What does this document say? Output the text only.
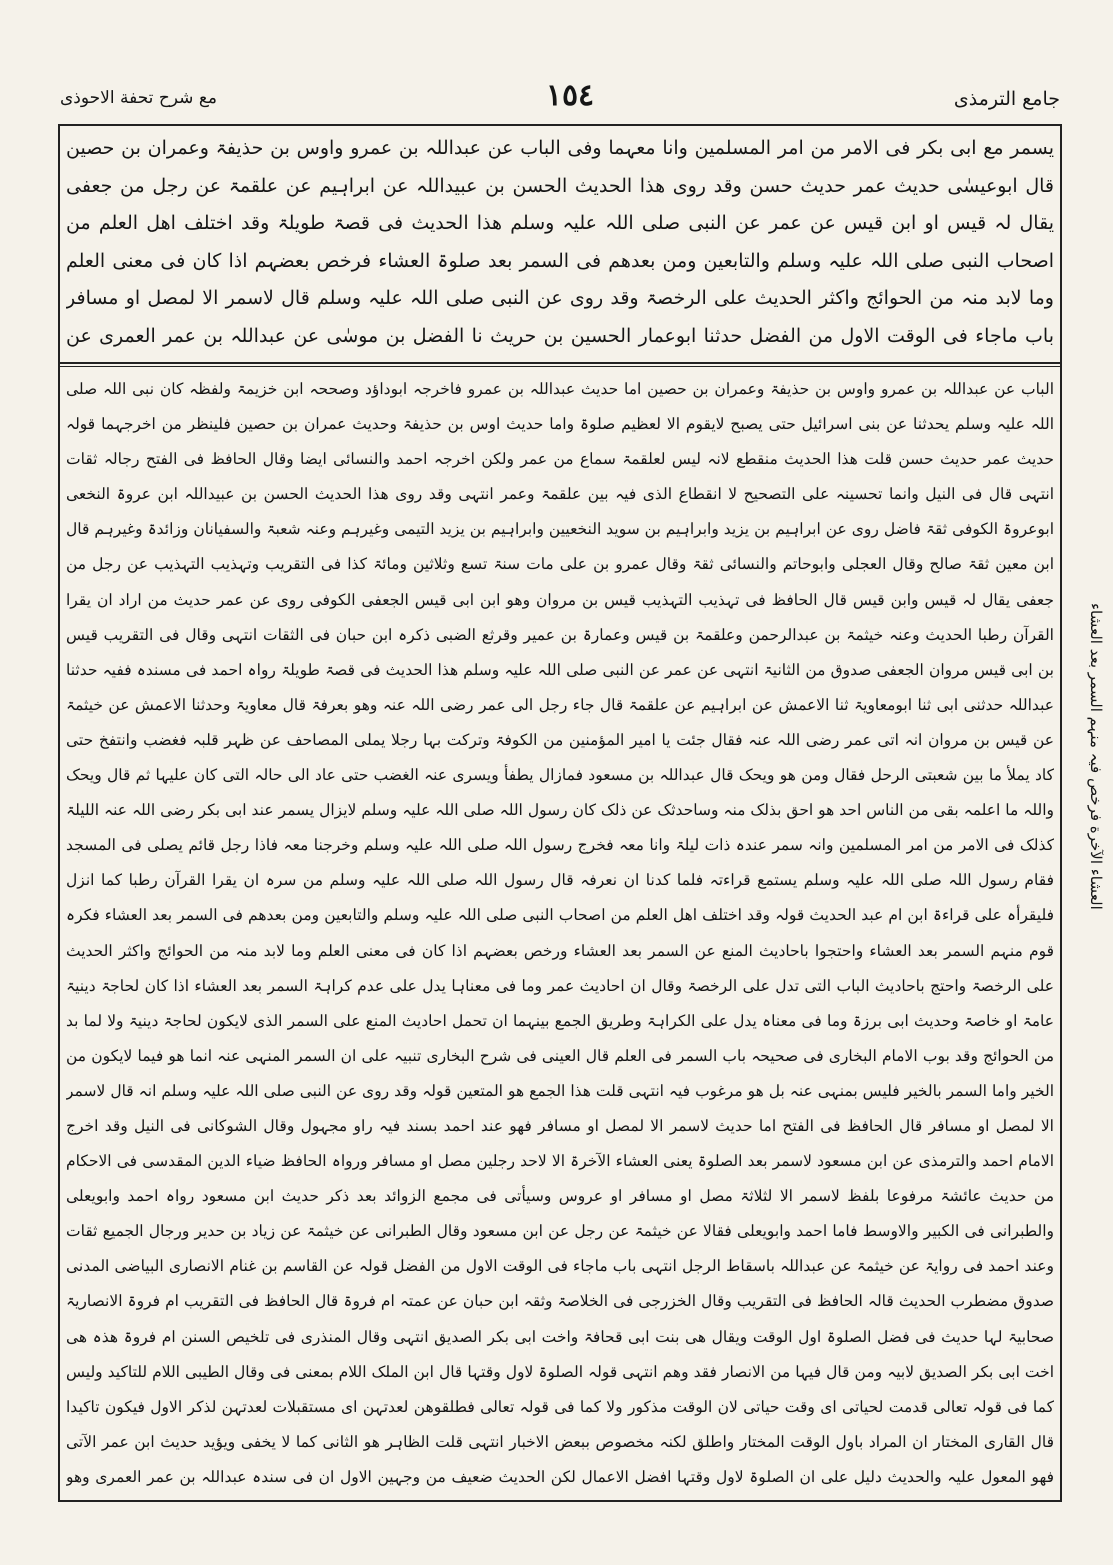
جامع الترمذی
١٥٤
مع شرح تحفة الاحوذی
یسمر مع ابی بکر فی الامر من امر المسلمین وانا معہما وفی الباب عن عبداللہ بن عمرو واوس بن حذیفۃ وعمران بن حصین قال ابوعیسٰی حدیث عمر حدیث حسن وقد روی ھذا الحدیث الحسن بن عبیداللہ عن ابراہیم عن علقمۃ عن رجل من جعفی یقال لہ قیس او ابن قیس عن عمر عن النبی صلی اللہ علیہ وسلم ھذا الحدیث فی قصۃ طویلۃ وقد اختلف اھل العلم من اصحاب النبی صلی اللہ علیہ وسلم والتابعین ومن بعدھم فی السمر بعد صلوۃ العشاء فرخص بعضہم اذا کان فی معنی العلم وما لابد منہ من الحوائج واکثر الحدیث علی الرخصۃ وقد روی عن النبی صلی اللہ علیہ وسلم قال لاسمر الا لمصل او مسافر باب ماجاء فی الوقت الاول من الفضل حدثنا ابوعمار الحسین بن حریث نا الفضل بن موسٰی عن عبداللہ بن عمر العمری عن
الباب عن عبداللہ بن عمرو واوس بن حذیفۃ وعمران بن حصین اما حدیث عبداللہ بن عمرو فاخرجہ ابوداؤد وصححہ ابن خزیمۃ ولفظہ کان نبی اللہ صلی اللہ علیہ وسلم یحدثنا عن بنی اسرائیل حتی یصبح لایقوم الا لعظیم صلوۃ واما حدیث اوس بن حذیفۃ وحدیث عمران بن حصین فلینظر من اخرجہما قولہ حدیث عمر حدیث حسن قلت ھذا الحدیث منقطع لانہ لیس لعلقمۃ سماع من عمر ولکن اخرجہ احمد والنسائی ایضا وقال الحافظ فی الفتح رجالہ ثقات انتہی قال فی النیل وانما تحسینہ علی التصحیح لا انقطاع الذی فیہ بین علقمۃ وعمر انتہی وقد روی ھذا الحدیث الحسن بن عبیداللہ ابن عروۃ النخعی ابوعروۃ الکوفی ثقۃ فاضل روی عن ابراہیم بن یزید وابراہیم بن سوید النخعیین وابراہیم بن یزید التیمی وغیرہم وعنہ شعبۃ والسفیانان وزائدۃ وغیرہم قال ابن معین ثقۃ صالح وقال العجلی وابوحاتم والنسائی ثقۃ وقال عمرو بن علی مات سنۃ تسع وثلاثین ومائۃ کذا فی التقریب وتہذیب التہذیب عن رجل من جعفی یقال لہ قیس وابن قیس قال الحافظ فی تہذیب التہذیب قیس بن مروان وھو ابن ابی قیس الجعفی الکوفی روی عن عمر حدیث من اراد ان یقرا القرآن رطبا الحدیث وعنہ خیثمۃ بن عبدالرحمن وعلقمۃ بن قیس وعمارۃ بن عمیر وقرثع الضبی ذکرہ ابن حبان فی الثقات انتہی وقال فی التقریب قیس بن ابی قیس مروان الجعفی صدوق من الثانیۃ انتہی عن عمر عن النبی صلی اللہ علیہ وسلم ھذا الحدیث فی قصۃ طویلۃ رواہ احمد فی مسندہ ففیہ حدثنا عبداللہ حدثنی ابی ثنا ابومعاویۃ ثنا الاعمش عن ابراہیم عن علقمۃ قال جاء رجل الی عمر رضی اللہ عنہ وھو بعرفۃ قال معاویۃ وحدثنا الاعمش عن خیثمۃ عن قیس بن مروان انہ اتی عمر رضی اللہ عنہ فقال جئت یا امیر المؤمنین من الکوفۃ وترکت بہا رجلا یملی المصاحف عن ظہر قلبہ فغضب وانتفخ حتی کاد یملأ ما بین شعبتی الرحل فقال ومن ھو ویحک قال عبداللہ بن مسعود فمازال یطفأ ویسری عنہ الغضب حتی عاد الی حالہ التی کان علیہا ثم قال ویحک واللہ ما اعلمہ بقی من الناس احد ھو احق بذلک منہ وساحدثک عن ذلک کان رسول اللہ صلی اللہ علیہ وسلم لایزال یسمر عند ابی بکر رضی اللہ عنہ اللیلۃ کذلک فی الامر من امر المسلمین وانہ سمر عندہ ذات لیلۃ وانا معہ فخرج رسول اللہ صلی اللہ علیہ وسلم وخرجنا معہ فاذا رجل قائم یصلی فی المسجد فقام رسول اللہ صلی اللہ علیہ وسلم یستمع قراءتہ فلما کدنا ان نعرفہ قال رسول اللہ صلی اللہ علیہ وسلم من سرہ ان یقرا القرآن رطبا کما انزل فلیقرأہ علی قراءۃ ابن ام عبد الحدیث قولہ وقد اختلف اھل العلم من اصحاب النبی صلی اللہ علیہ وسلم والتابعین ومن بعدھم فی السمر بعد العشاء فکرہ قوم منہم السمر بعد العشاء واحتجوا باحادیث المنع عن السمر بعد العشاء ورخص بعضہم اذا کان فی معنی العلم وما لابد منہ من الحوائج واکثر الحدیث علی الرخصۃ واحتج باحادیث الباب التی تدل علی الرخصۃ وقال ان احادیث عمر وما فی معناہا یدل علی عدم کراہۃ السمر بعد العشاء اذا کان لحاجۃ دینیۃ عامۃ او خاصۃ وحدیث ابی برزۃ وما فی معناہ یدل علی الکراہۃ وطریق الجمع بینہما ان تحمل احادیث المنع علی السمر الذی لایکون لحاجۃ دینیۃ ولا لما بد من الحوائج وقد بوب الامام البخاری فی صحیحہ باب السمر فی العلم قال العینی فی شرح البخاری تنبیہ علی ان السمر المنہی عنہ انما ھو فیما لایکون من الخیر واما السمر بالخیر فلیس بمنہی عنہ بل ھو مرغوب فیہ انتہی قلت ھذا الجمع ھو المتعین قولہ وقد روی عن النبی صلی اللہ علیہ وسلم انہ قال لاسمر الا لمصل او مسافر قال الحافظ فی الفتح اما حدیث لاسمر الا لمصل او مسافر فھو عند احمد بسند فیہ راو مجہول وقال الشوکانی فی النیل وقد اخرج الامام احمد والترمذی عن ابن مسعود لاسمر بعد الصلوۃ یعنی العشاء الآخرۃ الا لاحد رجلین مصل او مسافر ورواہ الحافظ ضیاء الدین المقدسی فی الاحکام من حدیث عائشۃ مرفوعا بلفظ لاسمر الا لثلاثۃ مصل او مسافر او عروس وسیأتی فی مجمع الزوائد بعد ذکر حدیث ابن مسعود رواہ احمد وابویعلی والطبرانی فی الکبیر والاوسط فاما احمد وابویعلی فقالا عن خیثمۃ عن رجل عن ابن مسعود وقال الطبرانی عن خیثمۃ عن زیاد بن حدیر ورجال الجمیع ثقات وعند احمد فی روایۃ عن خیثمۃ عن عبداللہ باسقاط الرجل انتہی باب ماجاء فی الوقت الاول من الفضل قولہ عن القاسم بن غنام الانصاری البیاضی المدنی صدوق مضطرب الحدیث قالہ الحافظ فی التقریب وقال الخزرجی فی الخلاصۃ وثقہ ابن حبان عن عمتہ ام فروۃ قال الحافظ فی التقریب ام فروۃ الانصاریۃ صحابیۃ لہا حدیث فی فضل الصلوۃ اول الوقت ویقال ھی بنت ابی قحافۃ واخت ابی بکر الصدیق انتہی وقال المنذری فی تلخیص السنن ام فروۃ ھذہ ھی اخت ابی بکر الصدیق لابیہ ومن قال فیہا من الانصار فقد وھم انتہی قولہ الصلوۃ لاول وقتہا قال ابن الملک اللام بمعنی فی وقال الطیبی اللام للتاکید ولیس کما فی قولہ تعالی قدمت لحیاتی ای وقت حیاتی لان الوقت مذکور ولا کما فی قولہ تعالی فطلقوھن لعدتہن ای مستقبلات لعدتہن لذکر الاول فیکون تاکیدا قال القاری المختار ان المراد باول الوقت المختار واطلق لکنہ مخصوص ببعض الاخبار انتہی قلت الظاہر ھو الثانی کما لا یخفی ویؤید حدیث ابن عمر الآتی فھو المعول علیہ والحدیث دلیل علی ان الصلوۃ لاول وقتہا افضل الاعمال لکن الحدیث ضعیف من وجہین الاول ان فی سندہ عبداللہ بن عمر العمری وھو
العشاء الآخرة فرخص فیہ منہم السمر بعد العشاء
